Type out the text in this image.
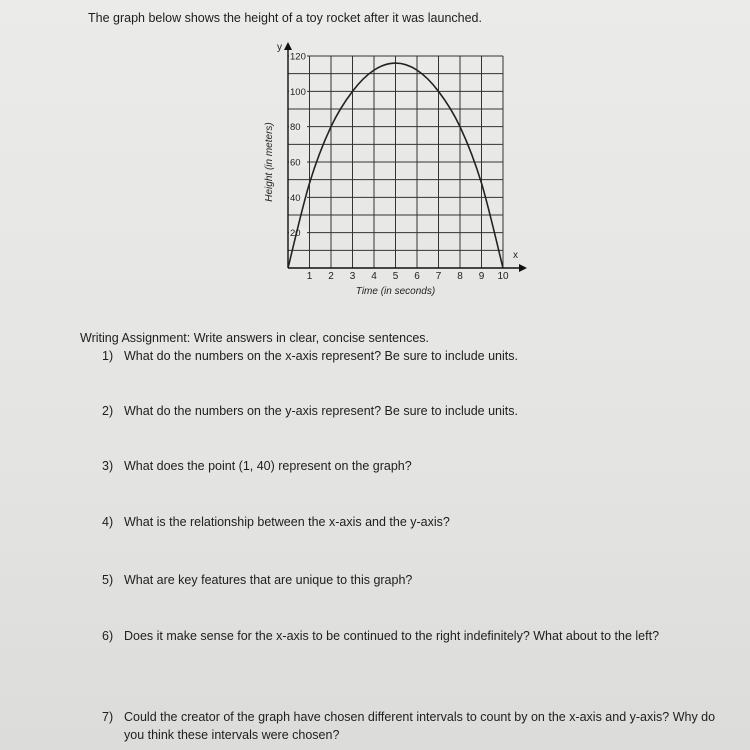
The graph below shows the height of a toy rocket after it was launched.

1 2 3 4 5 6 7 8 9 10
20
40
60
80
100
120
Time (in seconds)
Height (in meters)
x
y

Writing Assignment: Write answers in clear, concise sentences.

1) What do the numbers on the x-axis represent? Be sure to include units.
2) What do the numbers on the y-axis represent? Be sure to include units.
3) What does the point (1, 40) represent on the graph?
4) What is the relationship between the x-axis and the y-axis?
5) What are key features that are unique to this graph?
6) Does it make sense for the x-axis to be continued to the right indefinitely? What about to the left?
7) Could the creator of the graph have chosen different intervals to count by on the x-axis and y-axis? Why do you think these intervals were chosen?
